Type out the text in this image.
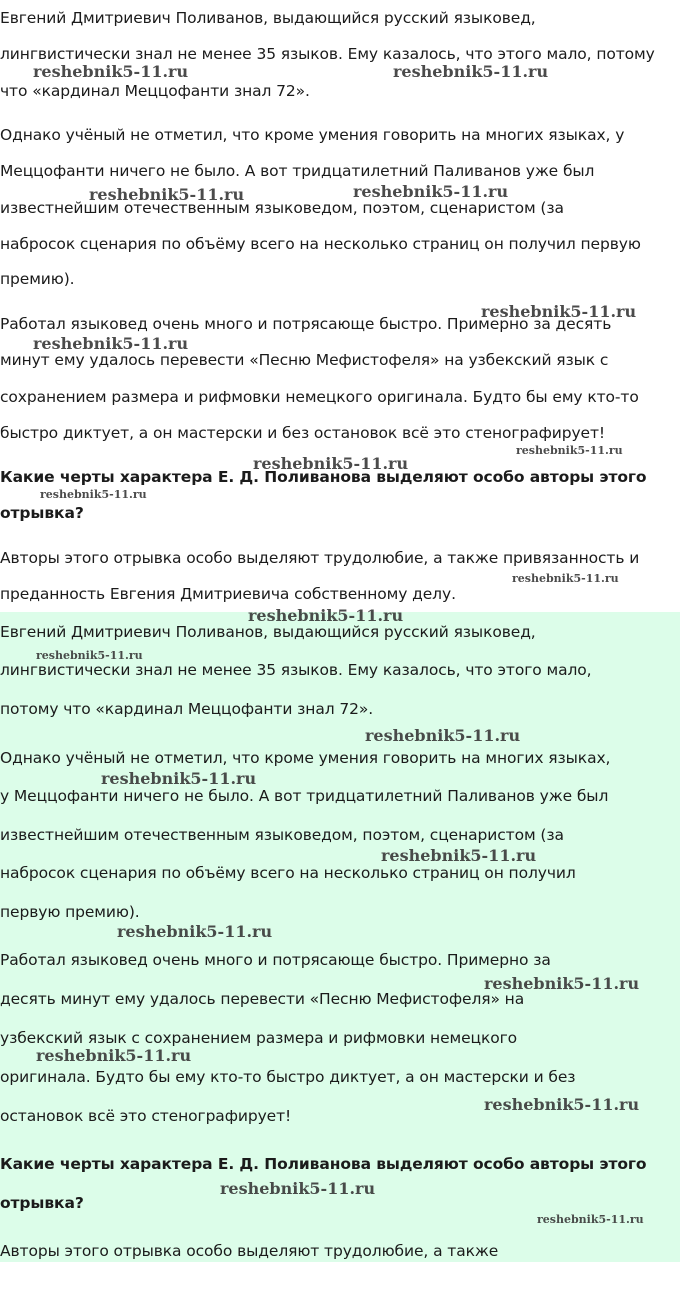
Евгений Дмитриевич Поливанов, выдающийся русский языковед,

лингвистически знал не менее 35 языков. Ему казалось, что этого мало, потому

что «кардинал Меццофанти знал 72».

Однако учёный не отметил, что кроме умения говорить на многих языках, у

Меццофанти ничего не было. А вот тридцатилетний Паливанов уже был

известнейшим отечественным языковедом, поэтом, сценаристом (за

набросок сценария по объёму всего на несколько страниц он получил первую

премию).

Работал языковед очень много и потрясающе быстро. Примерно за десять

минут ему удалось перевести «Песню Мефистофеля» на узбекский язык с

сохранением размера и рифмовки немецкого оригинала. Будто бы ему кто-то

быстро диктует, а он мастерски и без остановок всё это стенографирует!

Какие черты характера Е. Д. Поливанова выделяют особо авторы этого

отрывка?

Авторы этого отрывка особо выделяют трудолюбие, а также привязанность и

преданность Евгения Дмитриевича собственному делу.

Евгений Дмитриевич Поливанов, выдающийся русский языковед,

лингвистически знал не менее 35 языков. Ему казалось, что этого мало,

потому что «кардинал Меццофанти знал 72».

Однако учёный не отметил, что кроме умения говорить на многих языках,

у Меццофанти ничего не было. А вот тридцатилетний Паливанов уже был

известнейшим отечественным языковедом, поэтом, сценаристом (за

набросок сценария по объёму всего на несколько страниц он получил

первую премию).

Работал языковед очень много и потрясающе быстро. Примерно за

десять минут ему удалось перевести «Песню Мефистофеля» на

узбекский язык с сохранением размера и рифмовки немецкого

оригинала. Будто бы ему кто-то быстро диктует, а он мастерски и без

остановок всё это стенографирует!

Какие черты характера Е. Д. Поливанова выделяют особо авторы этого

отрывка?

Авторы этого отрывка особо выделяют трудолюбие, а также

reshebnik5-11.ru	reshebnik5-11.ru
reshebnik5-11.ru	reshebnik5-11.ru
reshebnik5-11.ru
reshebnik5-11.ru
reshebnik5-11.ru
reshebnik5-11.ru
reshebnik5-11.ru
reshebnik5-11.ru
reshebnik5-11.ru
reshebnik5-11.ru
reshebnik5-11.ru
reshebnik5-11.ru
reshebnik5-11.ru
reshebnik5-11.ru
reshebnik5-11.ru
reshebnik5-11.ru
reshebnik5-11.ru
reshebnik5-11.ru
reshebnik5-11.ru
